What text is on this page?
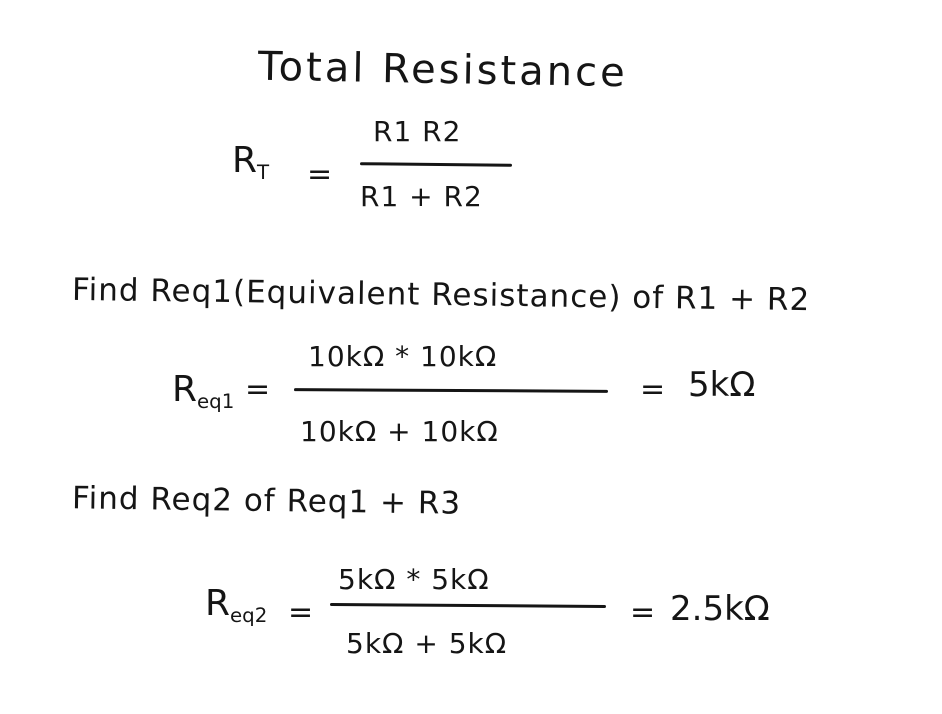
Total Resistance
$R_T$ =
R1 R2
R1 + R2
Find Req1(Equivalent Resistance) of R1 + R2
$R_{eq1}$ =
10kΩ * 10kΩ
10kΩ + 10kΩ
= 5kΩ
Find Req2 of Req1 + R3
$R_{eq2}$ =
5kΩ * 5kΩ
5kΩ + 5kΩ
= 2.5kΩ
